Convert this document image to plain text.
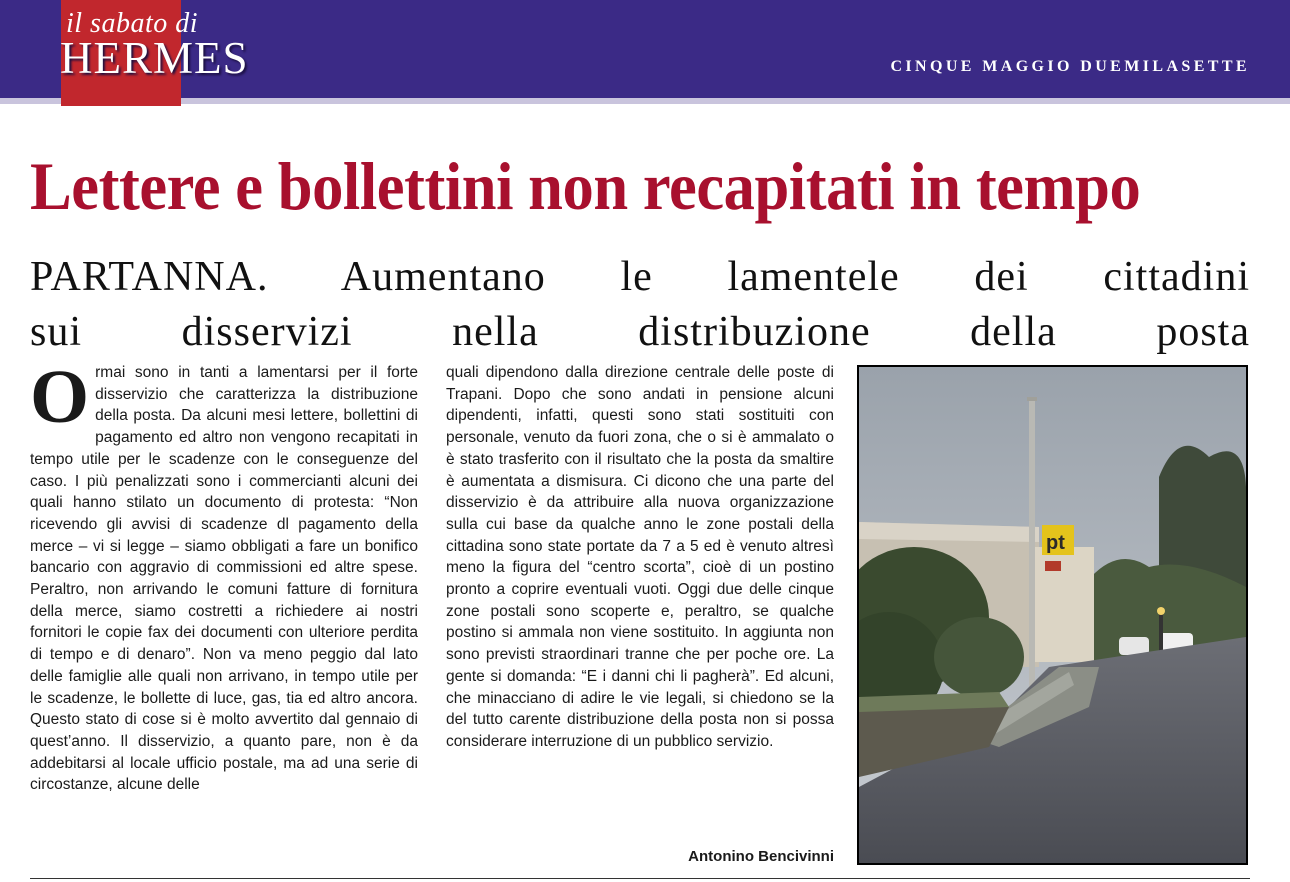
il sabato di
HERMES	CINQUE MAGGIO DUEMILASETTE
Lettere e bollettini non recapitati in tempo
PARTANNA. Aumentano le lamentele dei cittadini
sui disservizi nella distribuzione della posta
Ormai sono in tanti a lamentarsi per il forte disservizio che caratterizza la distribuzione della posta. Da alcuni mesi lettere, bollettini di pagamento ed altro non vengono recapitati in tempo utile per le scadenze con le conseguenze del caso. I più penalizzati sono i commercianti alcuni dei quali hanno stilato un documento di protesta: “Non ricevendo gli avvisi di scadenze dl pagamento della merce – vi si legge – siamo obbligati a fare un bonifico bancario con aggravio di commissioni ed altre spese. Peraltro, non arrivando le comuni fatture di fornitura della merce, siamo costretti a richiedere ai nostri fornitori le copie fax dei documenti con ulteriore perdita di tempo e di denaro”. Non va meno peggio dal lato delle famiglie alle quali non arrivano, in tempo utile per le scadenze, le bollette di luce, gas, tia ed altro ancora. Questo stato di cose si è molto avvertito dal gennaio di quest’anno. Il disservizio, a quanto pare, non è da addebitarsi al locale ufficio postale, ma ad una serie di circostanze, alcune delle
quali dipendono dalla direzione centrale delle poste di Trapani. Dopo che sono andati in pensione alcuni dipendenti, infatti, questi sono stati sostituiti con personale, venuto da fuori zona, che o si è ammalato o è stato trasferito con il risultato che la posta da smaltire è aumentata a dismisura. Ci dicono che una parte del disservizio è da attribuire alla nuova organizzazione sulla cui base da qualche anno le zone postali della cittadina sono state portate da 7 a 5 ed è venuto altresì meno la figura del “centro scorta”, cioè di un postino pronto a coprire eventuali vuoti. Oggi due delle cinque zone postali sono scoperte e, peraltro, se qualche postino si ammala non viene sostituito. In aggiunta non sono previsti straordinari tranne che per poche ore. La gente si domanda: “E i danni chi li pagherà”. Ed alcuni, che minacciano di adire le vie legali, si chiedono se la del tutto carente distribuzione della posta non si possa considerare interruzione di un pubblico servizio.
Antonino Bencivinni
pt
